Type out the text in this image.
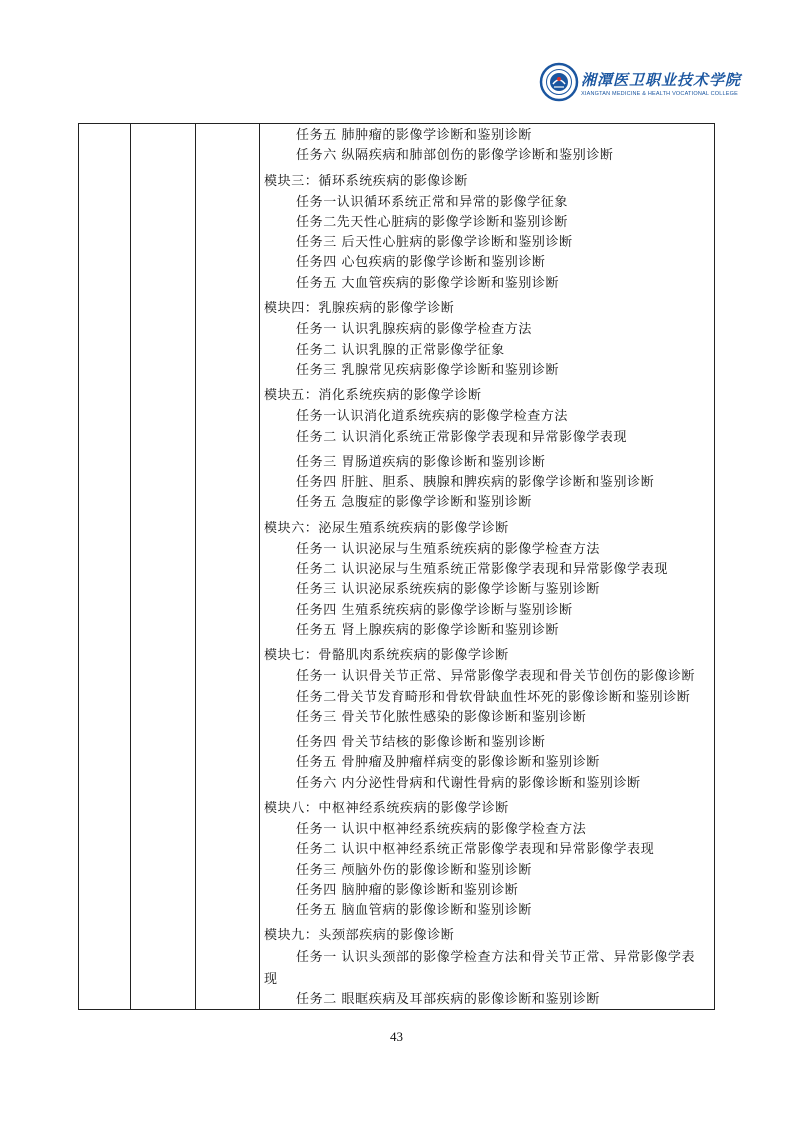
湘潭医卫职业技术学院
XIANGTAN MEDICINE & HEALTH VOCATIONAL COLLEGE
任务五 肺肿瘤的影像学诊断和鉴别诊断
任务六 纵隔疾病和肺部创伤的影像学诊断和鉴别诊断
模块三：循环系统疾病的影像诊断
任务一认识循环系统正常和异常的影像学征象
任务二先天性心脏病的影像学诊断和鉴别诊断
任务三 后天性心脏病的影像学诊断和鉴别诊断
任务四 心包疾病的影像学诊断和鉴别诊断
任务五 大血管疾病的影像学诊断和鉴别诊断
模块四：乳腺疾病的影像学诊断
任务一 认识乳腺疾病的影像学检查方法
任务二 认识乳腺的正常影像学征象
任务三 乳腺常见疾病影像学诊断和鉴别诊断
模块五：消化系统疾病的影像学诊断
任务一认识消化道系统疾病的影像学检查方法
任务二 认识消化系统正常影像学表现和异常影像学表现
任务三 胃肠道疾病的影像诊断和鉴别诊断
任务四 肝脏、胆系、胰腺和脾疾病的影像学诊断和鉴别诊断
任务五 急腹症的影像学诊断和鉴别诊断
模块六：泌尿生殖系统疾病的影像学诊断
任务一 认识泌尿与生殖系统疾病的影像学检查方法
任务二 认识泌尿与生殖系统正常影像学表现和异常影像学表现
任务三 认识泌尿系统疾病的影像学诊断与鉴别诊断
任务四 生殖系统疾病的影像学诊断与鉴别诊断
任务五 肾上腺疾病的影像学诊断和鉴别诊断
模块七：骨骼肌肉系统疾病的影像学诊断
任务一 认识骨关节正常、异常影像学表现和骨关节创伤的影像诊断
任务二骨关节发育畸形和骨软骨缺血性坏死的影像诊断和鉴别诊断
任务三 骨关节化脓性感染的影像诊断和鉴别诊断
任务四 骨关节结核的影像诊断和鉴别诊断
任务五 骨肿瘤及肿瘤样病变的影像诊断和鉴别诊断
任务六 内分泌性骨病和代谢性骨病的影像诊断和鉴别诊断
模块八：中枢神经系统疾病的影像学诊断
任务一 认识中枢神经系统疾病的影像学检查方法
任务二 认识中枢神经系统正常影像学表现和异常影像学表现
任务三 颅脑外伤的影像诊断和鉴别诊断
任务四 脑肿瘤的影像诊断和鉴别诊断
任务五 脑血管病的影像诊断和鉴别诊断
模块九：头颈部疾病的影像诊断
任务一 认识头颈部的影像学检查方法和骨关节正常、异常影像学表
现
任务二 眼眶疾病及耳部疾病的影像诊断和鉴别诊断
43
